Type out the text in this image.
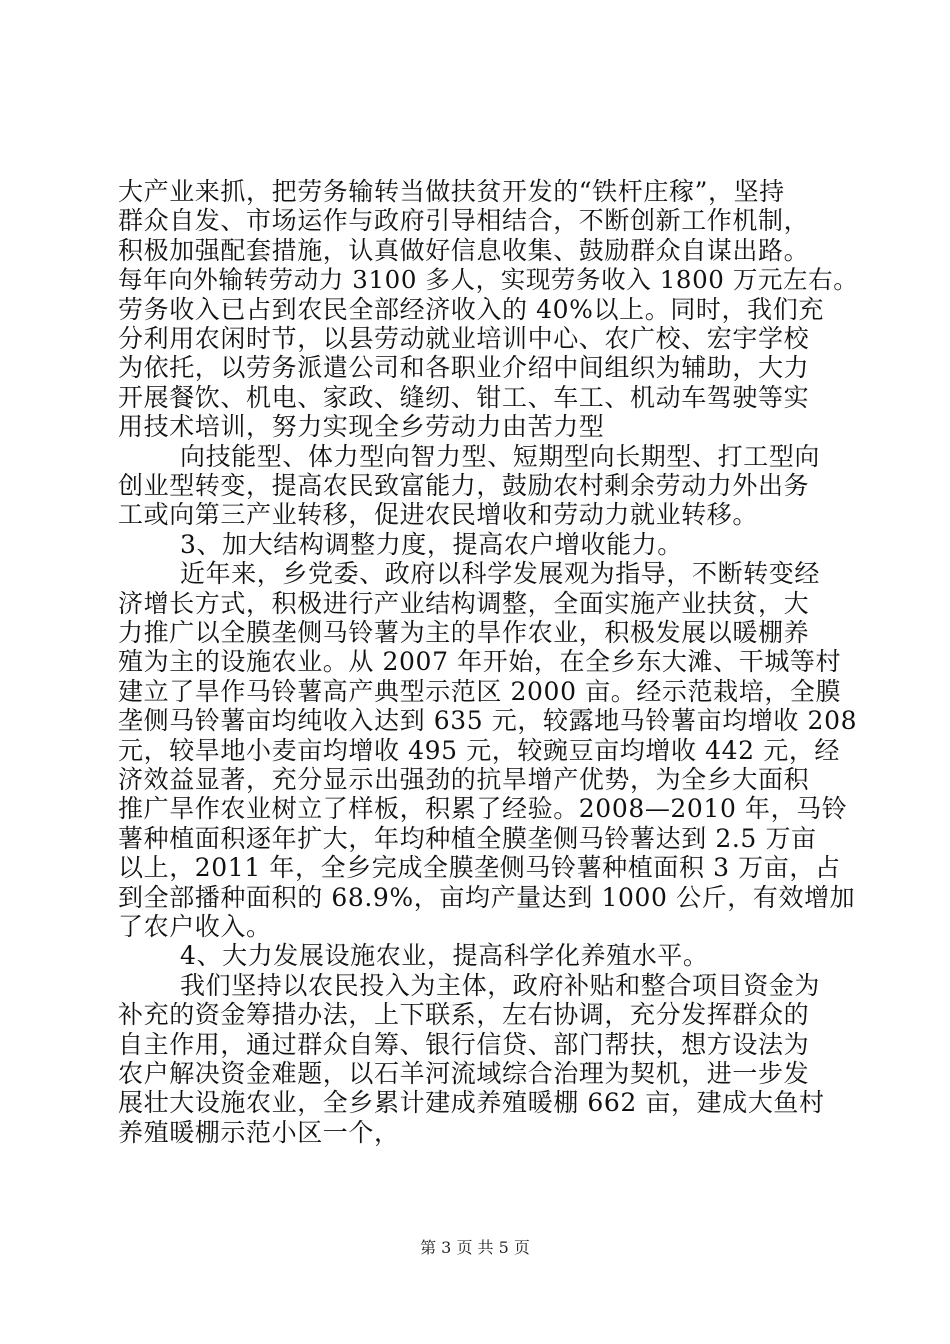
大产业来抓，把劳务输转当做扶贫开发的“铁杆庄稼”，坚持
群众自发、市场运作与政府引导相结合，不断创新工作机制，
积极加强配套措施，认真做好信息收集、鼓励群众自谋出路。
每年向外输转劳动力 3100 多人，实现劳务收入 1800 万元左右。
劳务收入已占到农民全部经济收入的 40%以上。同时，我们充
分利用农闲时节，以县劳动就业培训中心、农广校、宏宇学校
为依托，以劳务派遣公司和各职业介绍中间组织为辅助，大力
开展餐饮、机电、家政、缝纫、钳工、车工、机动车驾驶等实
用技术培训，努力实现全乡劳动力由苦力型
向技能型、体力型向智力型、短期型向长期型、打工型向
创业型转变，提高农民致富能力，鼓励农村剩余劳动力外出务
工或向第三产业转移，促进农民增收和劳动力就业转移。
3、加大结构调整力度，提高农户增收能力。
近年来，乡党委、政府以科学发展观为指导，不断转变经
济增长方式，积极进行产业结构调整，全面实施产业扶贫，大
力推广以全膜垄侧马铃薯为主的旱作农业，积极发展以暖棚养
殖为主的设施农业。从 2007 年开始，在全乡东大滩、干城等村
建立了旱作马铃薯高产典型示范区 2000 亩。经示范栽培，全膜
垄侧马铃薯亩均纯收入达到 635 元，较露地马铃薯亩均增收 208
元，较旱地小麦亩均增收 495 元，较豌豆亩均增收 442 元，经
济效益显著，充分显示出强劲的抗旱增产优势，为全乡大面积
推广旱作农业树立了样板，积累了经验。2008—2010 年，马铃
薯种植面积逐年扩大，年均种植全膜垄侧马铃薯达到 2.5 万亩
以上，2011 年，全乡完成全膜垄侧马铃薯种植面积 3 万亩，占
到全部播种面积的 68.9%，亩均产量达到 1000 公斤，有效增加
了农户收入。
4、大力发展设施农业，提高科学化养殖水平。
我们坚持以农民投入为主体，政府补贴和整合项目资金为
补充的资金筹措办法，上下联系，左右协调，充分发挥群众的
自主作用，通过群众自筹、银行信贷、部门帮扶，想方设法为
农户解决资金难题，以石羊河流域综合治理为契机，进一步发
展壮大设施农业，全乡累计建成养殖暖棚 662 亩，建成大鱼村
养殖暖棚示范小区一个，
第 3 页 共 5 页
